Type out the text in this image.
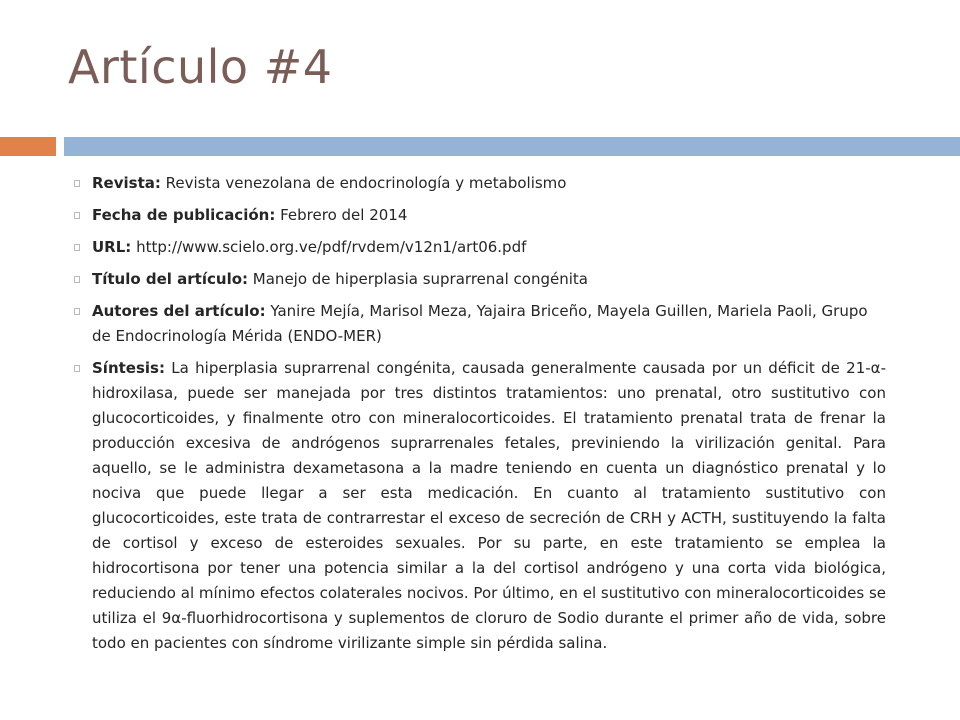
Artículo #4
Revista: Revista venezolana de endocrinología y metabolismo
Fecha de publicación: Febrero del 2014
URL: http://www.scielo.org.ve/pdf/rvdem/v12n1/art06.pdf
Título del artículo: Manejo de hiperplasia suprarrenal congénita
Autores del artículo: Yanire Mejía, Marisol Meza, Yajaira Briceño, Mayela Guillen, Mariela Paoli, Grupo de Endocrinología Mérida (ENDO-MER)
Síntesis: La hiperplasia suprarrenal congénita, causada generalmente causada por un déficit de 21-α-hidroxilasa, puede ser manejada por tres distintos tratamientos: uno prenatal, otro sustitutivo con glucocorticoides, y finalmente otro con mineralocorticoides. El tratamiento prenatal trata de frenar la producción excesiva de andrógenos suprarrenales fetales, previniendo la virilización genital. Para aquello, se le administra dexametasona a la madre teniendo en cuenta un diagnóstico prenatal y lo nociva que puede llegar a ser esta medicación. En cuanto al tratamiento sustitutivo con glucocorticoides, este trata de contrarrestar el exceso de secreción de CRH y ACTH, sustituyendo la falta de cortisol y exceso de esteroides sexuales. Por su parte, en este tratamiento se emplea la hidrocortisona por tener una potencia similar a la del cortisol andrógeno y una corta vida biológica, reduciendo al mínimo efectos colaterales nocivos. Por último, en el sustitutivo con mineralocorticoides se utiliza el 9α-fluorhidrocortisona y suplementos de cloruro de Sodio durante el primer año de vida, sobre todo en pacientes con síndrome virilizante simple sin pérdida salina.
